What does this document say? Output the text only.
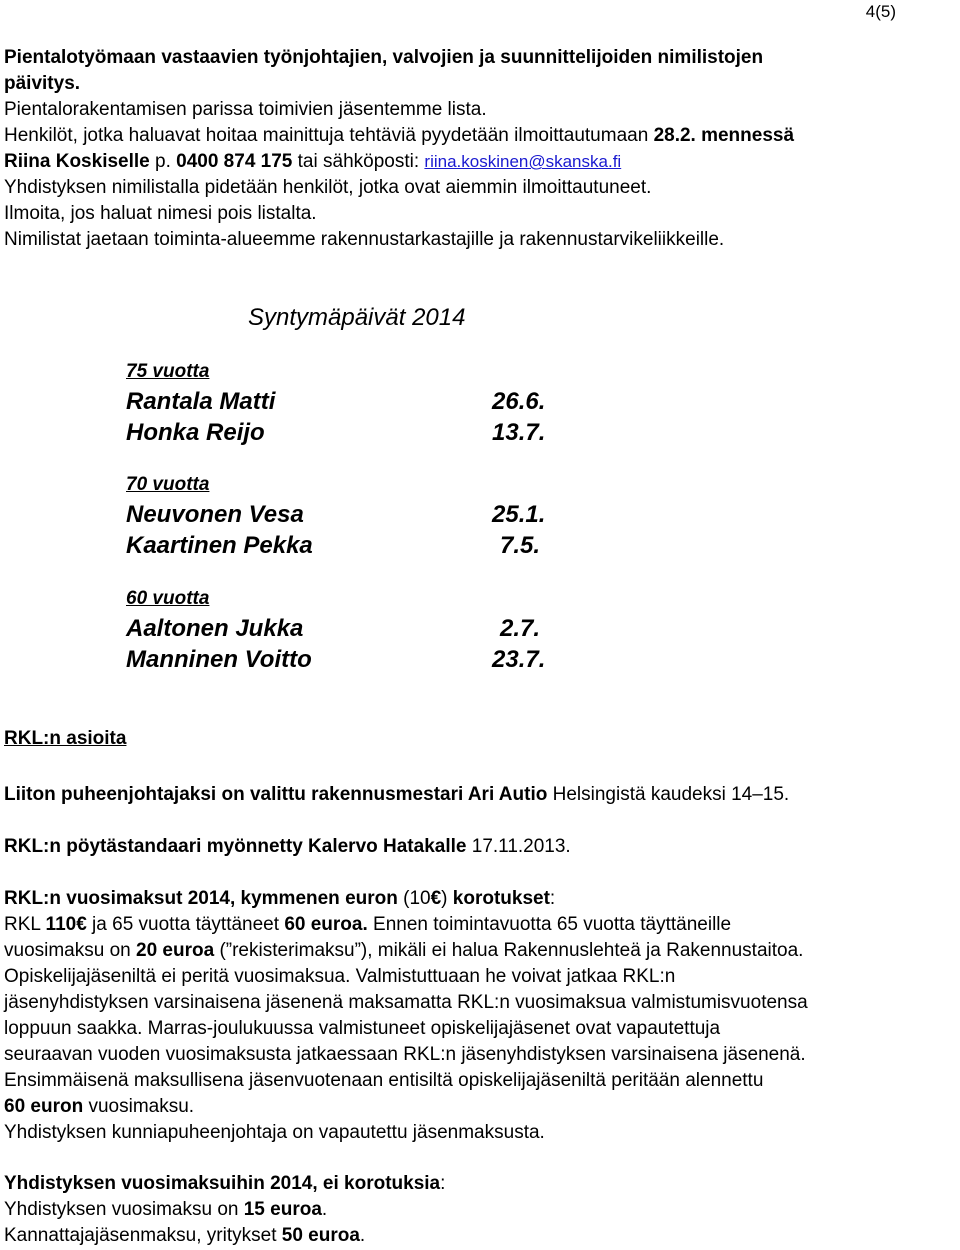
4(5)
Pientalotyömaan vastaavien työnjohtajien, valvojien ja suunnittelijoiden nimilistojen
päivitys.
Pientalorakentamisen parissa toimivien jäsentemme lista.
Henkilöt, jotka haluavat hoitaa mainittuja tehtäviä pyydetään ilmoittautumaan 28.2. mennessä
Riina Koskiselle p. 0400 874 175 tai sähköposti: riina.koskinen@skanska.fi
Yhdistyksen nimilistalla pidetään henkilöt, jotka ovat aiemmin ilmoittautuneet.
Ilmoita, jos haluat nimesi pois listalta.
Nimilistat jaetaan toiminta-alueemme rakennustarkastajille ja rakennustarvikeliikkeille.
Syntymäpäivät 2014
75 vuotta
Rantala Matti	26.6.
Honka Reijo	13.7.
70 vuotta
Neuvonen Vesa	25.1.
Kaartinen Pekka	7.5.
60 vuotta
Aaltonen Jukka	2.7.
Manninen Voitto	23.7.
RKL:n asioita
Liiton puheenjohtajaksi on valittu rakennusmestari Ari Autio Helsingistä kaudeksi 14–15.
RKL:n pöytästandaari myönnetty Kalervo Hatakalle 17.11.2013.
RKL:n vuosimaksut 2014, kymmenen euron (10€) korotukset:
RKL 110€ ja 65 vuotta täyttäneet 60 euroa. Ennen toimintavuotta 65 vuotta täyttäneille
vuosimaksu on 20 euroa (”rekisterimaksu”), mikäli ei halua Rakennuslehteä ja Rakennustaitoa.
Opiskelijajäseniltä ei peritä vuosimaksua. Valmistuttuaan he voivat jatkaa RKL:n
jäsenyhdistyksen varsinaisena jäsenenä maksamatta RKL:n vuosimaksua valmistumisvuotensa
loppuun saakka. Marras-joulukuussa valmistuneet opiskelijajäsenet ovat vapautettuja
seuraavan vuoden vuosimaksusta jatkaessaan RKL:n jäsenyhdistyksen varsinaisena jäsenenä.
Ensimmäisenä maksullisena jäsenvuotenaan entisiltä opiskelijajäseniltä peritään alennettu
60 euron vuosimaksu.
Yhdistyksen kunniapuheenjohtaja on vapautettu jäsenmaksusta.
Yhdistyksen vuosimaksuihin 2014, ei korotuksia:
Yhdistyksen vuosimaksu on 15 euroa.
Kannattajajäsenmaksu, yritykset 50 euroa.
